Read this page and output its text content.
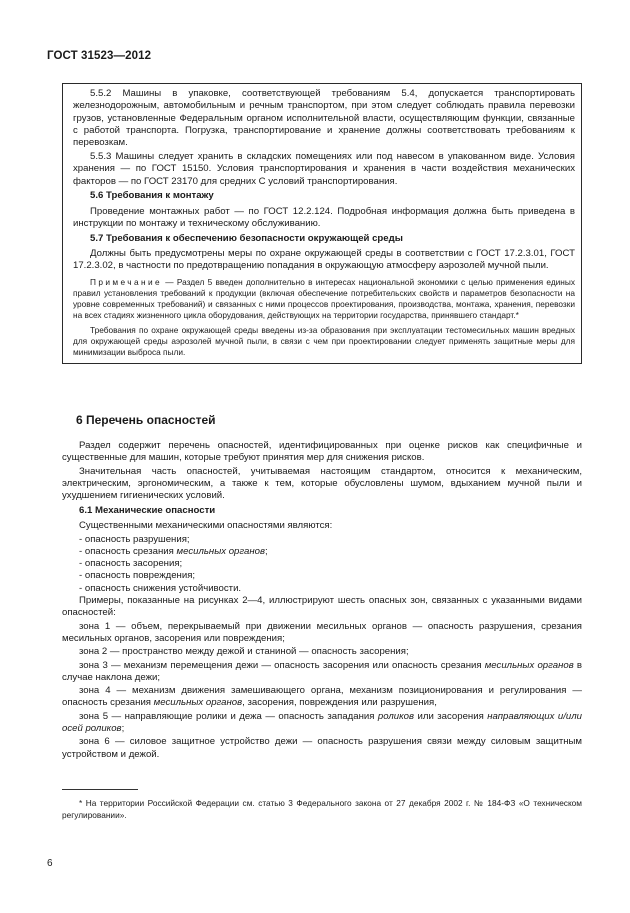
ГОСТ 31523—2012

5.5.2 Машины в упаковке, соответствующей требованиям 5.4, допускается транспортировать железнодорожным, автомобильным и речным транспортом, при этом следует соблюдать правила перевозки грузов, установленные Федеральным органом исполнительной власти, осуществляющим функции, связанные с работой транспорта. Погрузка, транспортирование и хранение должны соответствовать требованиям к перевозкам.

5.5.3 Машины следует хранить в складских помещениях или под навесом в упакованном виде. Условия хранения — по ГОСТ 15150. Условия транспортирования и хранения в части воздействия механических факторов — по ГОСТ 23170 для средних С условий транспортирования.

5.6 Требования к монтажу

Проведение монтажных работ — по ГОСТ 12.2.124. Подробная информация должна быть приведена в инструкции по монтажу и техническому обслуживанию.

5.7 Требования к обеспечению безопасности окружающей среды

Должны быть предусмотрены меры по охране окружающей среды в соответствии с ГОСТ 17.2.3.01, ГОСТ 17.2.3.02, в частности по предотвращению попадания в окружающую атмосферу аэрозолей мучной пыли.

Примечание — Раздел 5 введен дополнительно в интересах национальной экономики с целью применения единых правил установления требований к продукции (включая обеспечение потребительских свойств и параметров безопасности на уровне современных требований) и связанных с ними процессов проектирования, производства, монтажа, хранения, перевозки на всех стадиях жизненного цикла оборудования, действующих на территории государства, принявшего стандарт.*

Требования по охране окружающей среды введены из-за образования при эксплуатации тестомесильных машин вредных для окружающей среды аэрозолей мучной пыли, в связи с чем при проектировании следует применять защитные меры для минимизации выброса пыли.

6 Перечень опасностей

Раздел содержит перечень опасностей, идентифицированных при оценке рисков как специфичные и существенные для машин, которые требуют принятия мер для снижения рисков.

Значительная часть опасностей, учитываемая настоящим стандартом, относится к механическим, электрическим, эргономическим, а также к тем, которые обусловлены шумом, вдыханием мучной пыли и ухудшением гигиенических условий.

6.1 Механические опасности

Существенными механическими опасностями являются:

- опасность разрушения;

- опасность срезания месильных органов;

- опасность засорения;

- опасность повреждения;

- опасность снижения устойчивости.

Примеры, показанные на рисунках 2—4, иллюстрируют шесть опасных зон, связанных с указанными видами опасностей:

зона 1 — объем, перекрываемый при движении месильных органов — опасность разрушения, срезания месильных органов, засорения или повреждения;

зона 2 — пространство между дежой и станиной — опасность засорения;

зона 3 — механизм перемещения дежи — опасность засорения или опасность срезания месильных органов в случае наклона дежи;

зона 4 — механизм движения замешивающего органа, механизм позиционирования и регулирования — опасность срезания месильных органов, засорения, повреждения или разрушения,

зона 5 — направляющие ролики и дежа — опасность западания роликов или засорения направляющих и/или осей роликов;

зона 6 — силовое защитное устройство дежи — опасность разрушения связи между силовым защитным устройством и дежой.

* На территории Российской Федерации см. статью 3 Федерального закона от 27 декабря 2002 г. № 184-ФЗ «О техническом регулировании».
6
